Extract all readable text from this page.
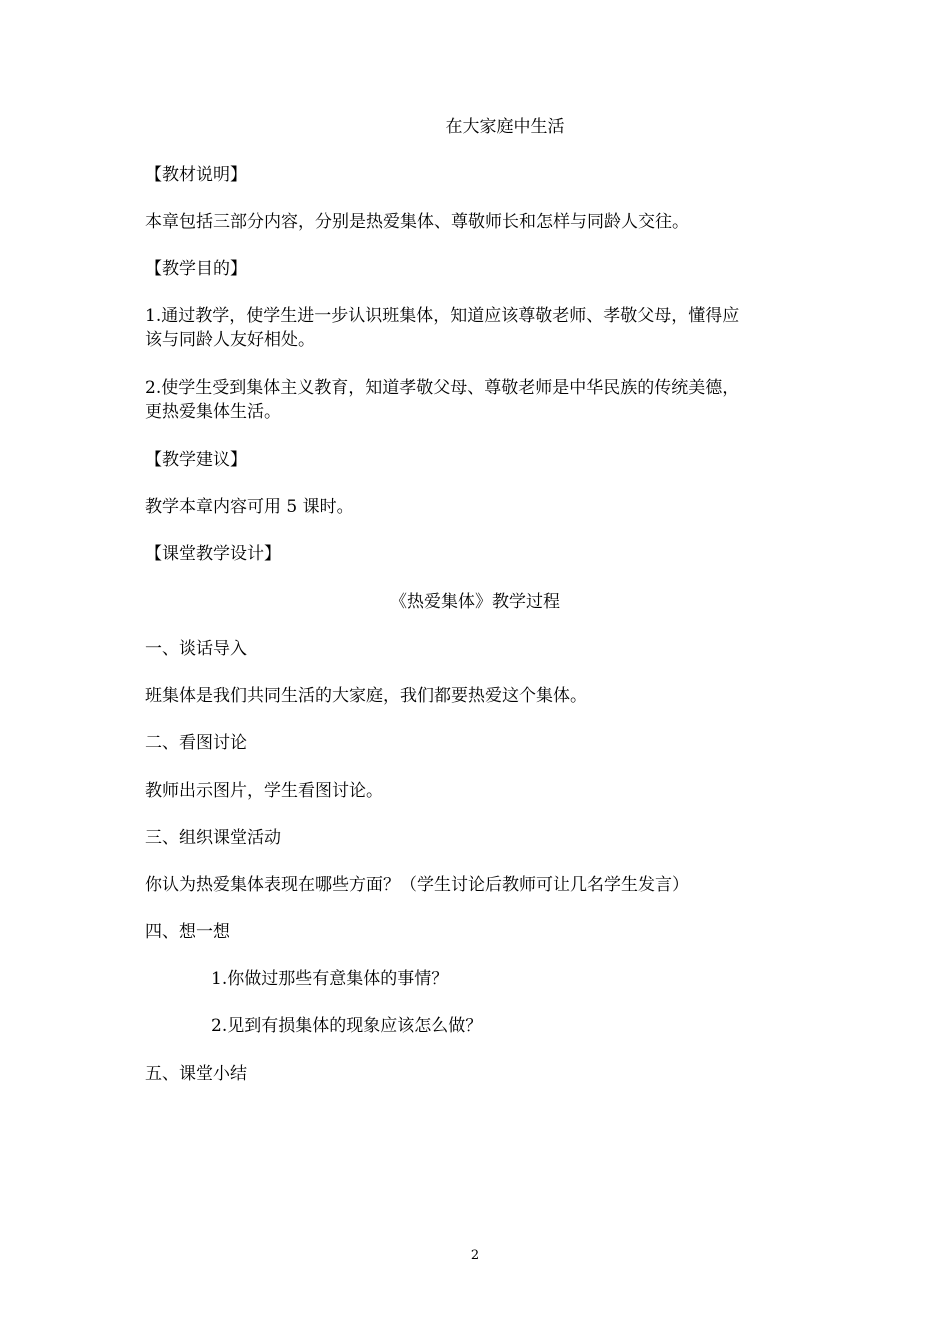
在大家庭中生活
【教材说明】
本章包括三部分内容，分别是热爱集体、尊敬师长和怎样与同龄人交往。
【教学目的】
1.通过教学，使学生进一步认识班集体，知道应该尊敬老师、孝敬父母，懂得应
该与同龄人友好相处。
2.使学生受到集体主义教育，知道孝敬父母、尊敬老师是中华民族的传统美德，
更热爱集体生活。
【教学建议】
教学本章内容可用 5 课时。
【课堂教学设计】
《热爱集体》教学过程
一、谈话导入
班集体是我们共同生活的大家庭，我们都要热爱这个集体。
二、看图讨论
教师出示图片，学生看图讨论。
三、组织课堂活动
你认为热爱集体表现在哪些方面？（学生讨论后教师可让几名学生发言）
四、想一想
1.你做过那些有意集体的事情？
2.见到有损集体的现象应该怎么做？
五、课堂小结
2
